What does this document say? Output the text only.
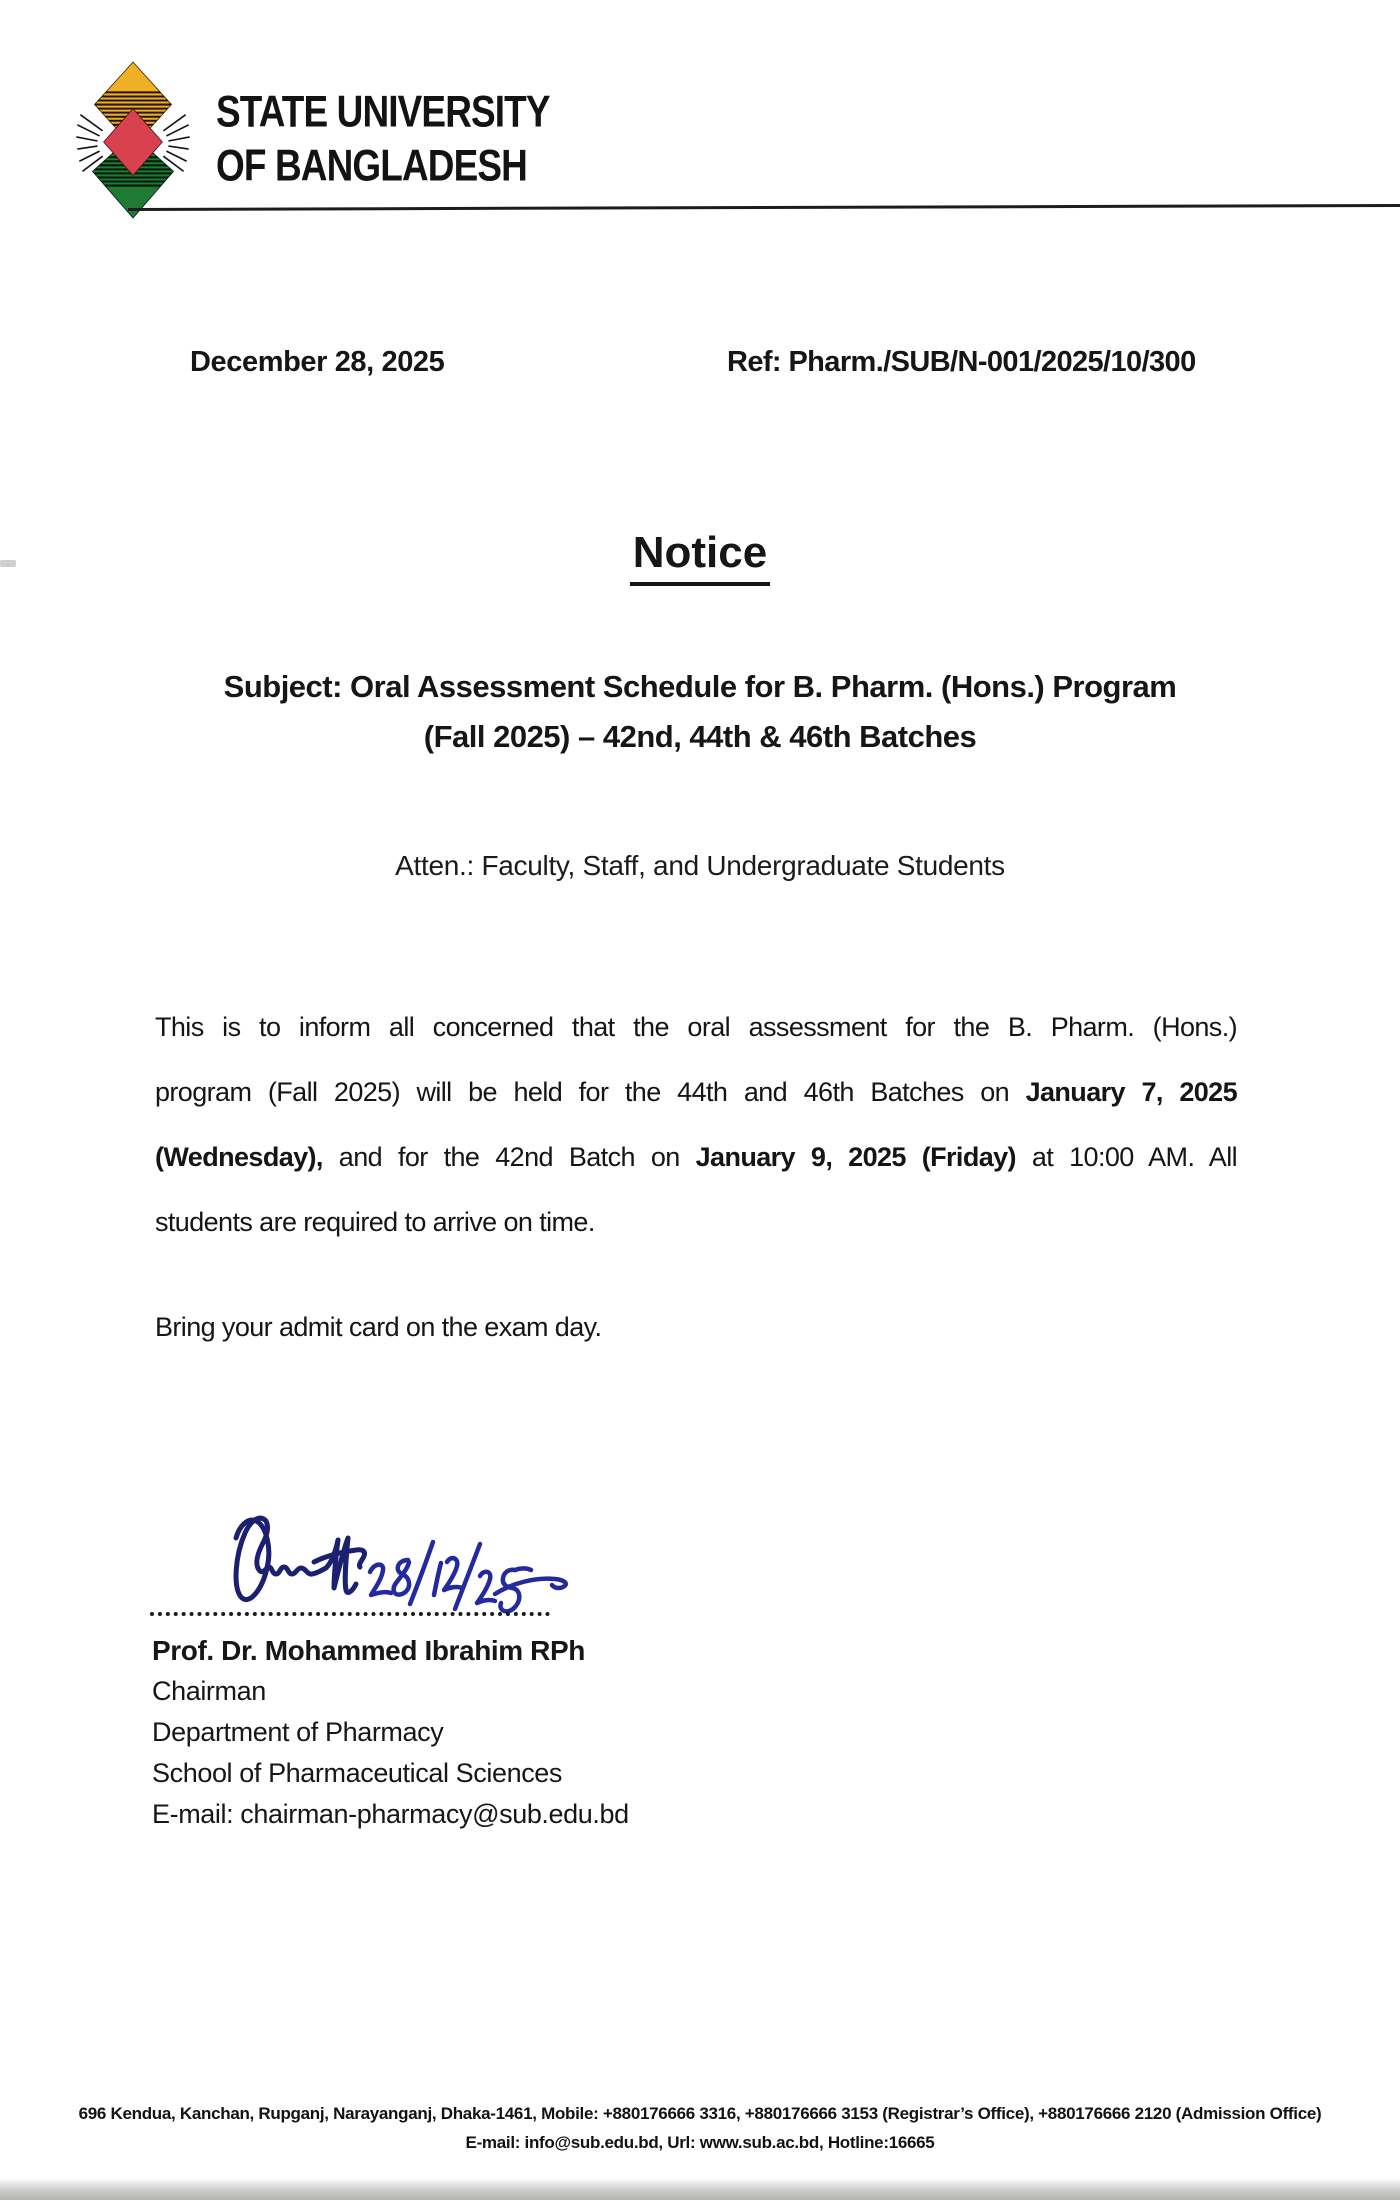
STATE UNIVERSITY
OF BANGLADESH
December 28, 2025	Ref: Pharm./SUB/N-001/2025/10/300
Notice
Subject: Oral Assessment Schedule for B. Pharm. (Hons.) Program
(Fall 2025) – 42nd, 44th & 46th Batches
Atten.: Faculty, Staff, and Undergraduate Students
This is to inform all concerned that the oral assessment for the B. Pharm. (Hons.)
program (Fall 2025) will be held for the 44th and 46th Batches on January 7, 2025
(Wednesday), and for the 42nd Batch on January 9, 2025 (Friday) at 10:00 AM. All
students are required to arrive on time.
Bring your admit card on the exam day.
Prof. Dr. Mohammed Ibrahim RPh
Chairman
Department of Pharmacy
School of Pharmaceutical Sciences
E-mail: chairman-pharmacy@sub.edu.bd
696 Kendua, Kanchan, Rupganj, Narayanganj, Dhaka-1461, Mobile: +880176666 3316, +880176666 3153 (Registrar’s Office), +880176666 2120 (Admission Office)
E-mail: info@sub.edu.bd, Url: www.sub.ac.bd, Hotline:16665
